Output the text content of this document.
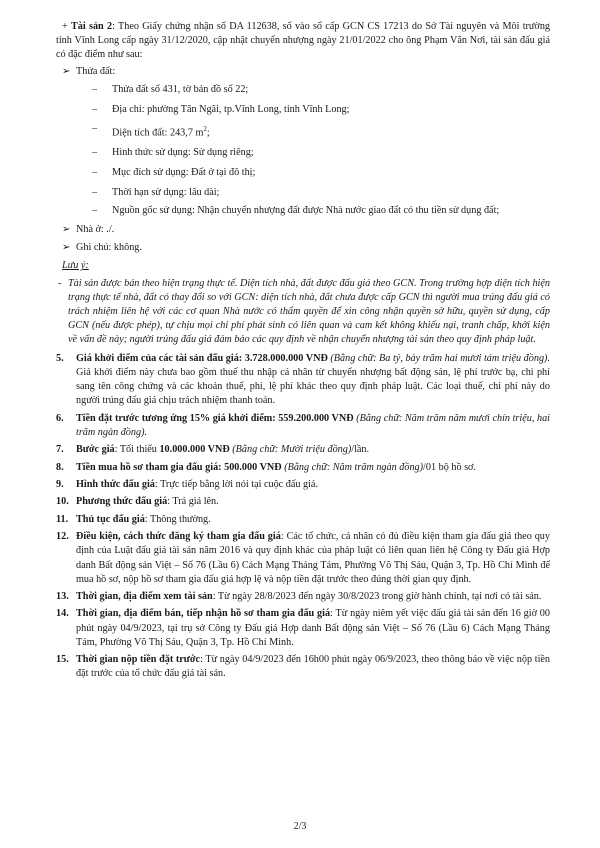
+ Tài sản 2: Theo Giấy chứng nhận số DA 112638, số vào sổ cấp GCN CS 17213 do Sở Tài nguyên và Môi trường tỉnh Vĩnh Long cấp ngày 31/12/2020, cập nhật chuyển nhượng ngày 21/01/2022 cho ông Phạm Văn Nơi, tài sản đấu giá có đặc điểm như sau:

➢ Thửa đất:
–	Thửa đất số 431, tờ bản đồ số 22;
–	Địa chỉ: phường Tân Ngãi, tp.Vĩnh Long, tỉnh Vĩnh Long;
–	Diện tích đất: 243,7 $m^2$;
–	Hình thức sử dụng: Sử dụng riêng;
–	Mục đích sử dụng: Đất ở tại đô thị;
–	Thời hạn sử dụng: lâu dài;
–	Nguồn gốc sử dụng: Nhận chuyển nhượng đất được Nhà nước giao đất có thu tiền sử dụng đất;
➢ Nhà ở: ./.
➢ Ghi chú: không.

Lưu ý:

- Tài sản được bán theo hiện trạng thực tế. Diện tích nhà, đất được đấu giá theo GCN. Trong trường hợp diện tích hiện trạng thực tế nhà, đất có thay đổi so với GCN: diện tích nhà, đất chưa được cấp GCN thì người mua trúng đấu giá có trách nhiệm liên hệ với các cơ quan Nhà nước có thẩm quyền để xin công nhận quyền sở hữu, quyền sử dụng, cấp GCN (nếu được phép), tự chịu mọi chi phí phát sinh có liên quan và cam kết không khiếu nại, tranh chấp, khởi kiện về vấn đề này; người trúng đấu giá đảm bảo các quy định về nhận chuyển nhượng tài sản theo quy định pháp luật.
5.	Giá khởi điểm của các tài sản đấu giá: 3.728.000.000 VNĐ (Bằng chữ: Ba tỷ, bảy trăm hai mươi tám triệu đồng). Giá khởi điểm này chưa bao gồm thuế thu nhập cá nhân từ chuyển nhượng bất động sản, lệ phí trước bạ, chi phí sang tên công chứng và các khoản thuế, phí, lệ phí khác theo quy định pháp luật. Các loại thuế, chi phí này do người trúng đấu giá chịu trách nhiệm thanh toán.

6.	Tiền đặt trước tương ứng 15% giá khởi điểm: 559.200.000 VNĐ (Bằng chữ: Năm trăm năm mươi chín triệu, hai trăm ngàn đồng).

7.	Bước giá: Tối thiểu 10.000.000 VNĐ (Bằng chữ: Mười triệu đồng)/lần.

8.	Tiền mua hồ sơ tham gia đấu giá: 500.000 VNĐ (Bằng chữ: Năm trăm ngàn đồng)/01 bộ hồ sơ.

9.	Hình thức đấu giá: Trực tiếp bằng lời nói tại cuộc đấu giá.

10. Phương thức đấu giá: Trả giá lên.

11. Thủ tục đấu giá: Thông thường.

12. Điều kiện, cách thức đăng ký tham gia đấu giá: Các tổ chức, cá nhân có đủ điều kiện tham gia đấu giá theo quy định của Luật đấu giá tài sản năm 2016 và quy định khác của pháp luật có liên quan liên hệ Công ty Đấu giá Hợp danh Bất động sản Việt – Số 76 (Lầu 6) Cách Mạng Tháng Tám, Phường Võ Thị Sáu, Quận 3, Tp. Hồ Chí Minh để mua hồ sơ, nộp hồ sơ tham gia đấu giá hợp lệ và nộp tiền đặt trước theo đúng thời gian quy định.

13. Thời gian, địa điểm xem tài sản: Từ ngày 28/8/2023 đến ngày 30/8/2023 trong giờ hành chính, tại nơi có tài sản.

14. Thời gian, địa điểm bán, tiếp nhận hồ sơ tham gia đấu giá: Từ ngày niêm yết việc đấu giá tài sản đến 16 giờ 00 phút ngày 04/9/2023, tại trụ sở Công ty Đấu giá Hợp danh Bất động sản Việt – Số 76 (Lầu 6) Cách Mạng Tháng Tám, Phường Võ Thị Sáu, Quận 3, Tp. Hồ Chí Minh.

15. Thời gian nộp tiền đặt trước: Từ ngày 04/9/2023 đến 16h00 phút ngày 06/9/2023, theo thông báo về việc nộp tiền đặt trước của tổ chức đấu giá tài sản.

2/3
